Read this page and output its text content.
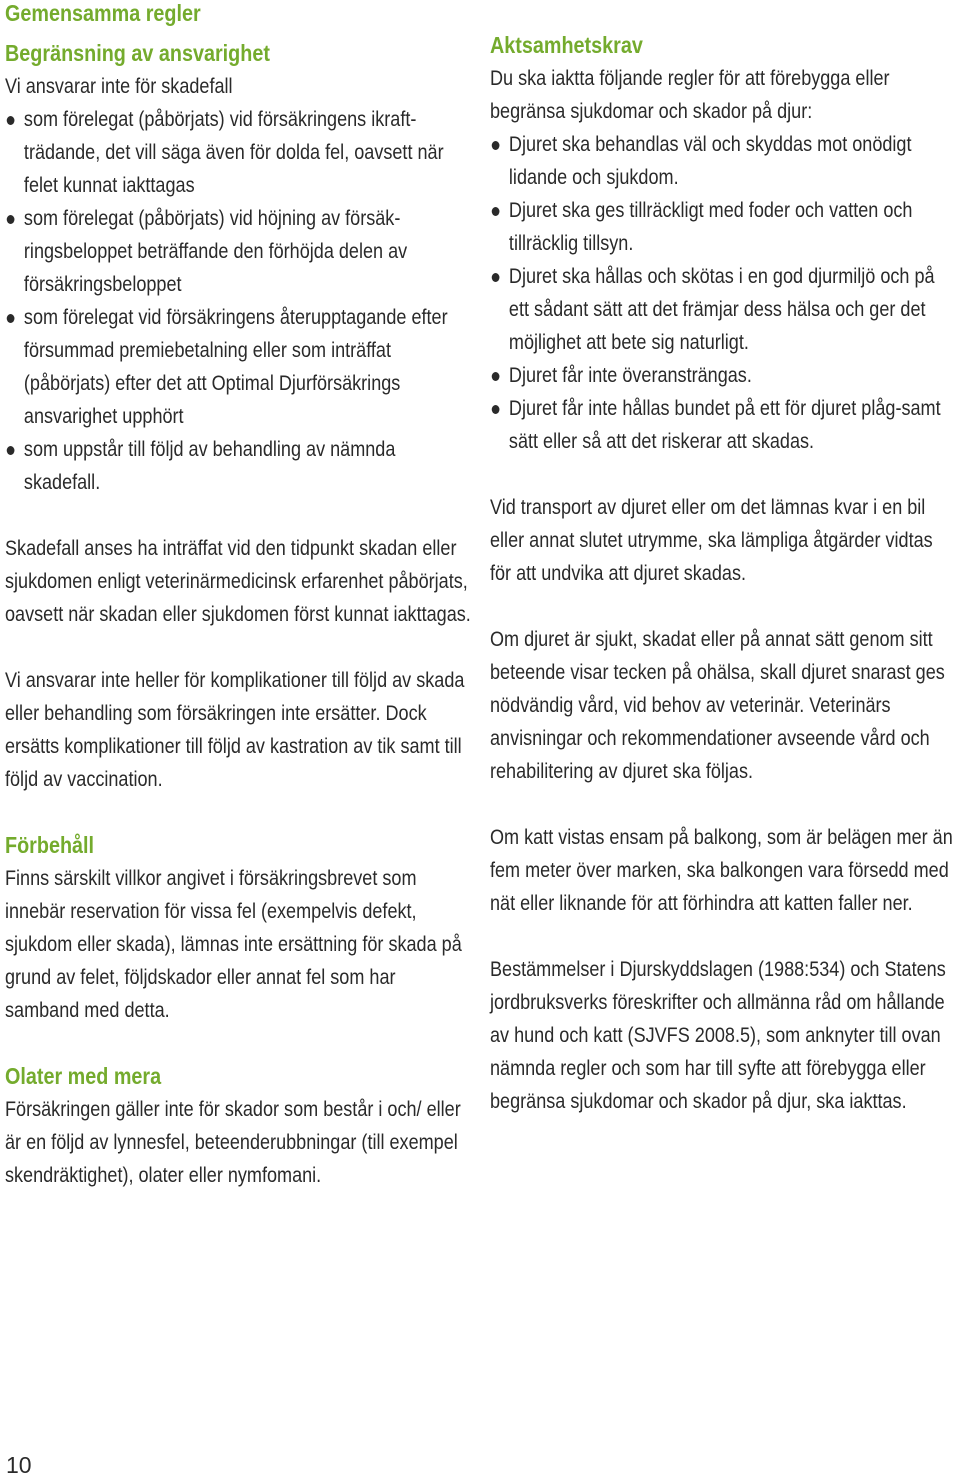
Gemensamma regler
Begränsning av ansvarighet

Vi ansvarar inte för skadefall

som förelegat (påbörjats) vid försäkringens ikraft-trädande, det vill säga även för dolda fel, oavsett när felet kunnat iakttagas
som förelegat (påbörjats) vid höjning av försäk-ringsbeloppet beträffande den förhöjda delen av försäkringsbeloppet
som förelegat vid försäkringens återupptagande efter försummad premiebetalning eller som inträffat (påbörjats) efter det att Optimal Djurförsäkrings ansvarighet upphört
som uppstår till följd av behandling av nämnda skadefall.

Skadefall anses ha inträffat vid den tidpunkt skadan eller sjukdomen enligt veterinärmedicinsk erfarenhet påbörjats, oavsett när skadan eller sjukdomen först kunnat iakttagas.

Vi ansvarar inte heller för komplikationer till följd av skada eller behandling som försäkringen inte ersätter. Dock ersätts komplikationer till följd av kastration av tik samt till följd av vaccination.

Förbehåll

Finns särskilt villkor angivet i försäkringsbrevet som innebär reservation för vissa fel (exempelvis defekt, sjukdom eller skada), lämnas inte ersättning för skada på grund av felet, följdskador eller annat fel som har samband med detta.

Olater med mera

Försäkringen gäller inte för skador som består i och/ eller är en följd av lynnesfel, beteenderubbningar (till exempel skendräktighet), olater eller nymfomani.

Aktsamhetskrav

Du ska iaktta följande regler för att förebygga eller begränsa sjukdomar och skador på djur:

Djuret ska behandlas väl och skyddas mot onödigt lidande och sjukdom.
Djuret ska ges tillräckligt med foder och vatten och tillräcklig tillsyn.
Djuret ska hållas och skötas i en god djurmiljö och på ett sådant sätt att det främjar dess hälsa och ger det möjlighet att bete sig naturligt.
Djuret får inte överansträngas.
Djuret får inte hållas bundet på ett för djuret plåg-samt sätt eller så att det riskerar att skadas.

Vid transport av djuret eller om det lämnas kvar i en bil eller annat slutet utrymme, ska lämpliga åtgärder vidtas för att undvika att djuret skadas.

Om djuret är sjukt, skadat eller på annat sätt genom sitt beteende visar tecken på ohälsa, skall djuret snarast ges nödvändig vård, vid behov av veterinär. Veterinärs anvisningar och rekommendationer avseende vård och rehabilitering av djuret ska följas.

Om katt vistas ensam på balkong, som är belägen mer än fem meter över marken, ska balkongen vara försedd med nät eller liknande för att förhindra att katten faller ner.

Bestämmelser i Djurskyddslagen (1988:534) och Statens jordbruksverks föreskrifter och allmänna råd om hållande av hund och katt (SJVFS 2008.5), som anknyter till ovan nämnda regler och som har till syfte att förebygga eller begränsa sjukdomar och skador på djur, ska iakttas.

10
